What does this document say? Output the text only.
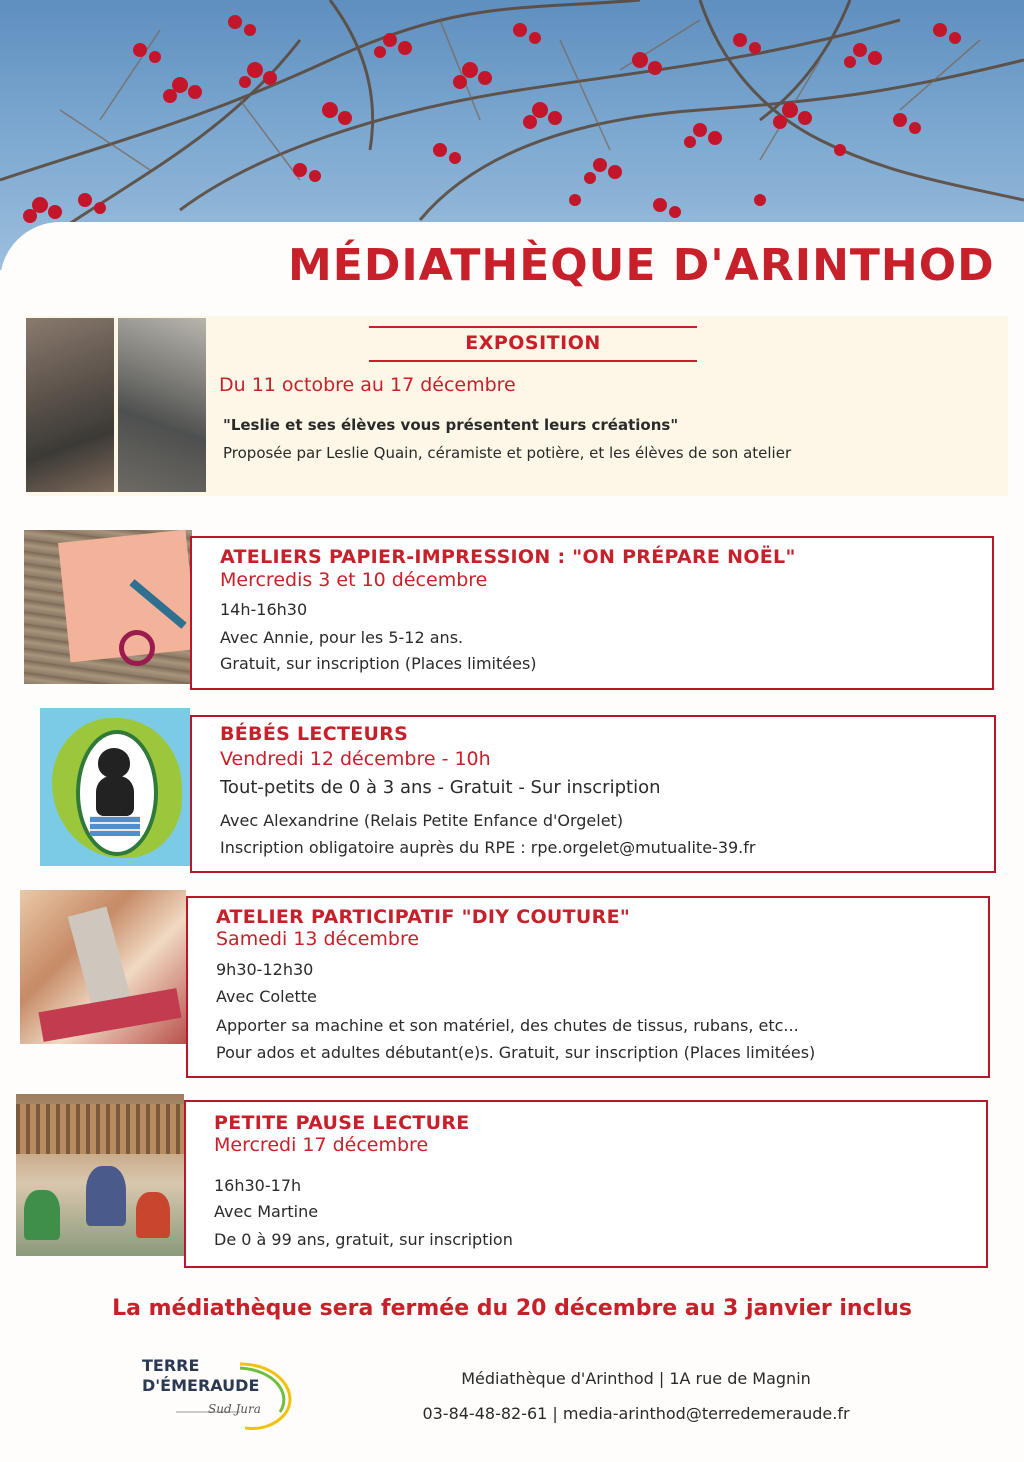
MÉDIATHÈQUE D'ARINTHOD
EXPOSITION
Du 11 octobre au 17 décembre
"Leslie et ses élèves vous présentent leurs créations"
Proposée par Leslie Quain, céramiste et potière, et les élèves de son atelier
ATELIERS PAPIER-IMPRESSION : "ON PRÉPARE NOËL"
Mercredis 3 et 10 décembre
14h-16h30
Avec Annie, pour les 5-12 ans.
Gratuit, sur inscription (Places limitées)
BÉBÉS LECTEURS
Vendredi 12 décembre - 10h
Tout-petits de 0 à 3 ans - Gratuit - Sur inscription
Avec Alexandrine (Relais Petite Enfance d'Orgelet)
Inscription obligatoire auprès du RPE : rpe.orgelet@mutualite-39.fr
ATELIER PARTICIPATIF "DIY COUTURE"
Samedi 13 décembre
9h30-12h30
Avec Colette
Apporter sa machine et son matériel, des chutes de tissus, rubans, etc...
Pour ados et adultes débutant(e)s. Gratuit, sur inscription (Places limitées)
PETITE PAUSE LECTURE
Mercredi 17 décembre
16h30-17h
Avec Martine
De 0 à 99 ans, gratuit, sur inscription
La médiathèque sera fermée du 20 décembre au 3 janvier inclus
TERRE
D'ÉMERAUDE
Sud Jura
Médiathèque d'Arinthod | 1A rue de Magnin
03-84-48-82-61 | media-arinthod@terredemeraude.fr
